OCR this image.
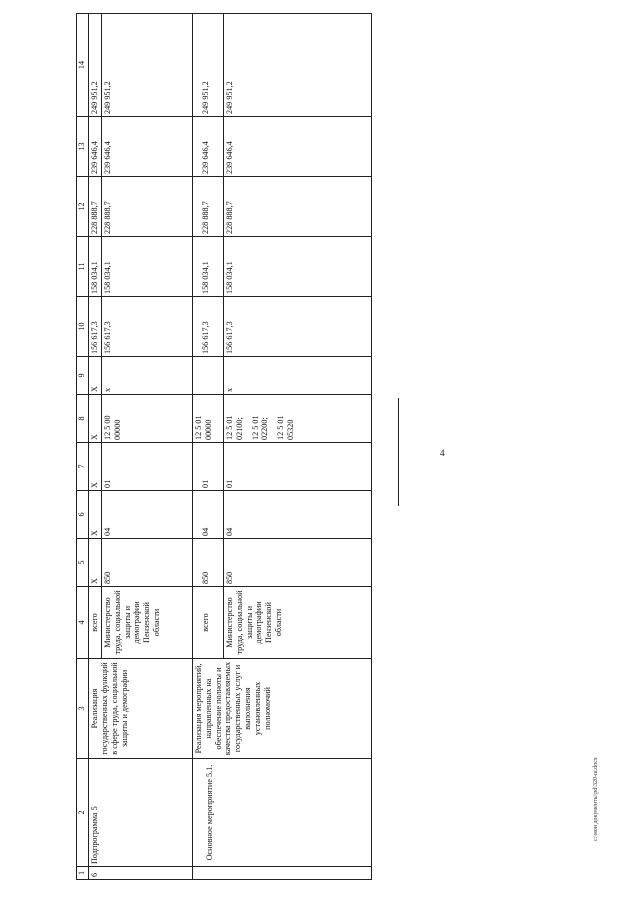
4
1	2	3	4	5	6	7	8	9	10	11	12	13	14
6	Подпрограмма 5	Реализация государственных функций в сфере труда, социальной защиты и демографии	всего	X	X	X	X	X	156 617,3	158 034,1	228 888,7	239 646,4	249 951,2
			Министерство труда, социальной защиты и демографии Пензенской области	850	04	01	12 5 00 00000	x	156 617,3	158 034,1	228 888,7	239 646,4	249 951,2
	Основное мероприятие 5.1.	Реализация мероприятий, направленных на обеспечение полноты и качества предоставляемых государственных услуг и выполнения установленных полномочий	всего	850	04	01	12 5 01 00000		156 617,3	158 034,1	228 888,7	239 646,4	249 951,2
			Министерство труда, социальной защиты и демографии Пензенской области	850	04	01	12 5 01 02100; 12 5 01 02200; 12 5 01 05320	x	156 617,3	158 034,1	228 888,7	239 646,4	249 951,2
c:\мои документы\pd\320-ш.docx
